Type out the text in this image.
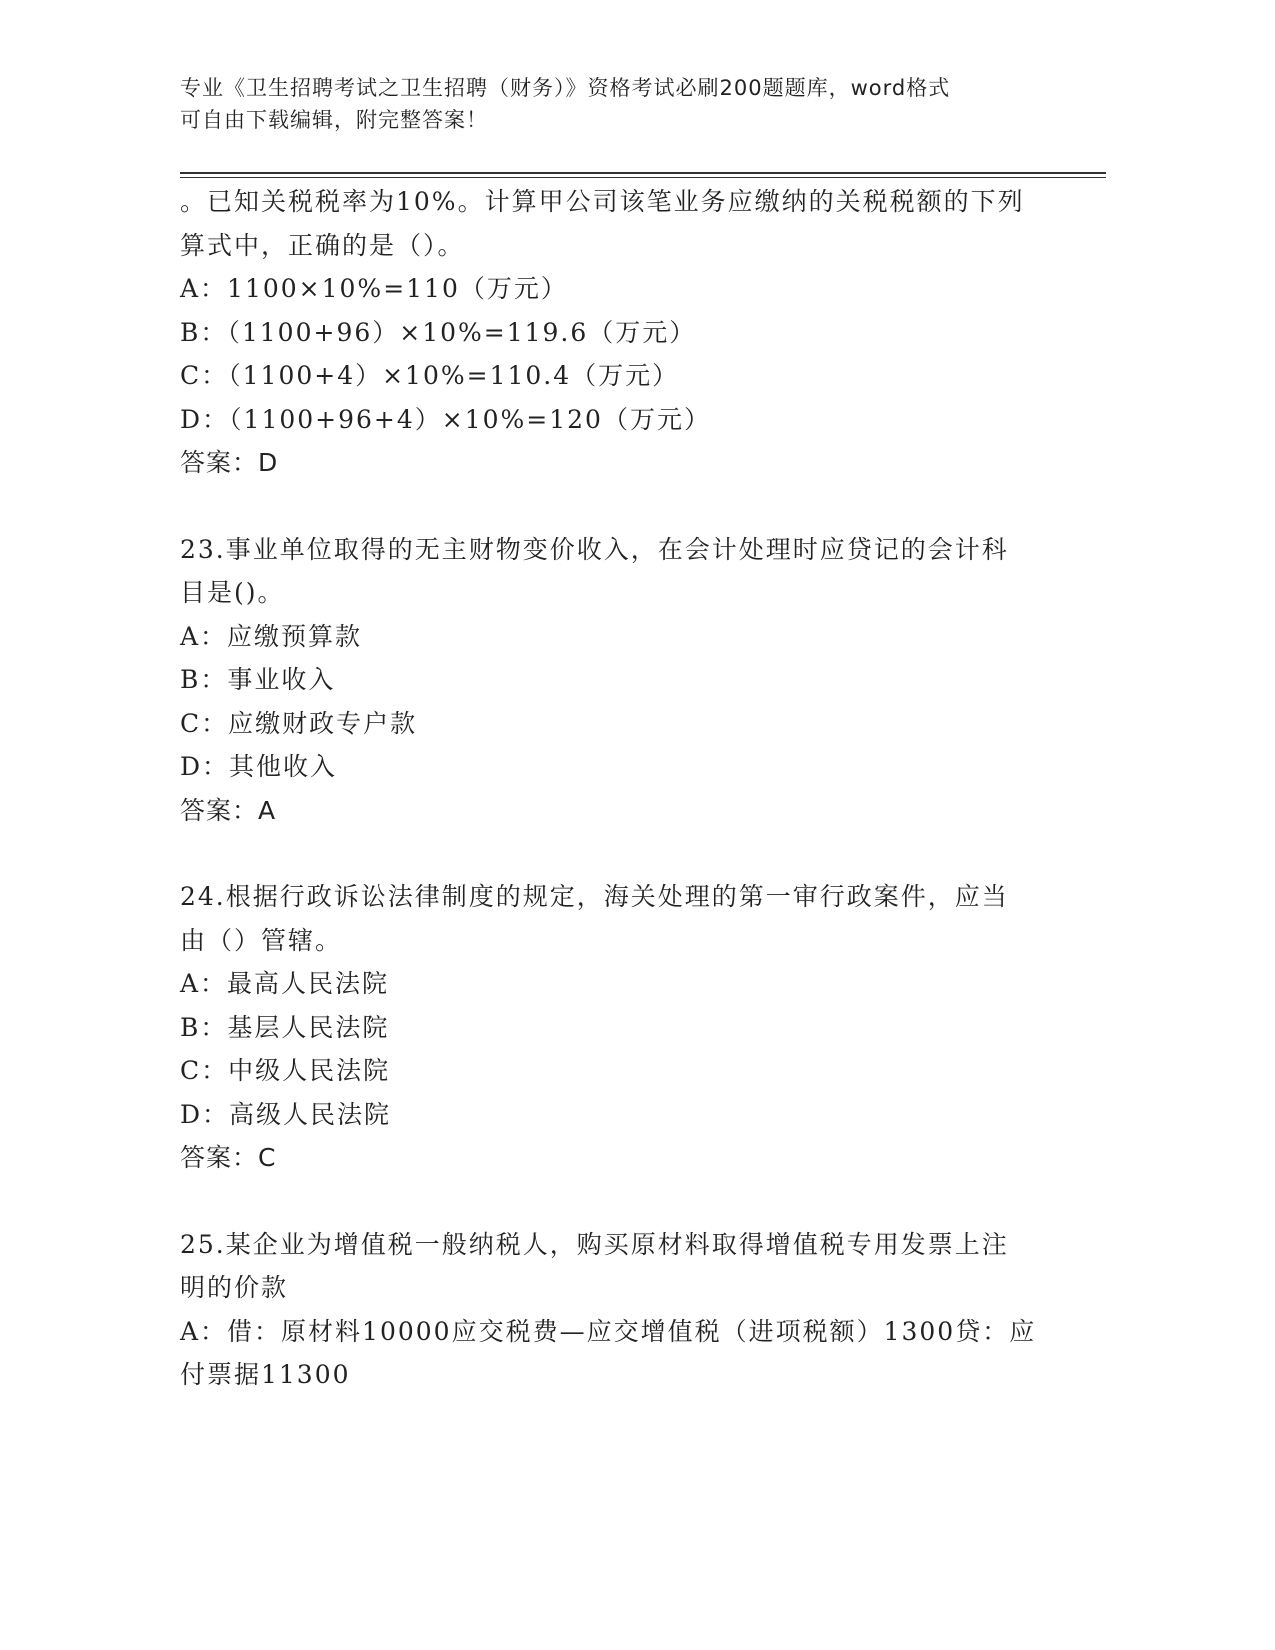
专业《卫生招聘考试之卫生招聘（财务）》资格考试必刷200题题库，word格式
可自由下载编辑，附完整答案！
。已知关税税率为10%。计算甲公司该笔业务应缴纳的关税税额的下列
算式中，正确的是（）。
A：1100×10%=110（万元）
B：（1100+96）×10%=119.6（万元）
C：（1100+4）×10%=110.4（万元）
D：（1100+96+4）×10%=120（万元）
答案：D
23.事业单位取得的无主财物变价收入，在会计处理时应贷记的会计科
目是()。
A：应缴预算款
B：事业收入
C：应缴财政专户款
D：其他收入
答案：A
24.根据行政诉讼法律制度的规定，海关处理的第一审行政案件，应当
由（）管辖。
A：最高人民法院
B：基层人民法院
C：中级人民法院
D：高级人民法院
答案：C
25.某企业为增值税一般纳税人，购买原材料取得增值税专用发票上注
明的价款
A：借：原材料10000应交税费—应交增值税（进项税额）1300贷：应
付票据11300
